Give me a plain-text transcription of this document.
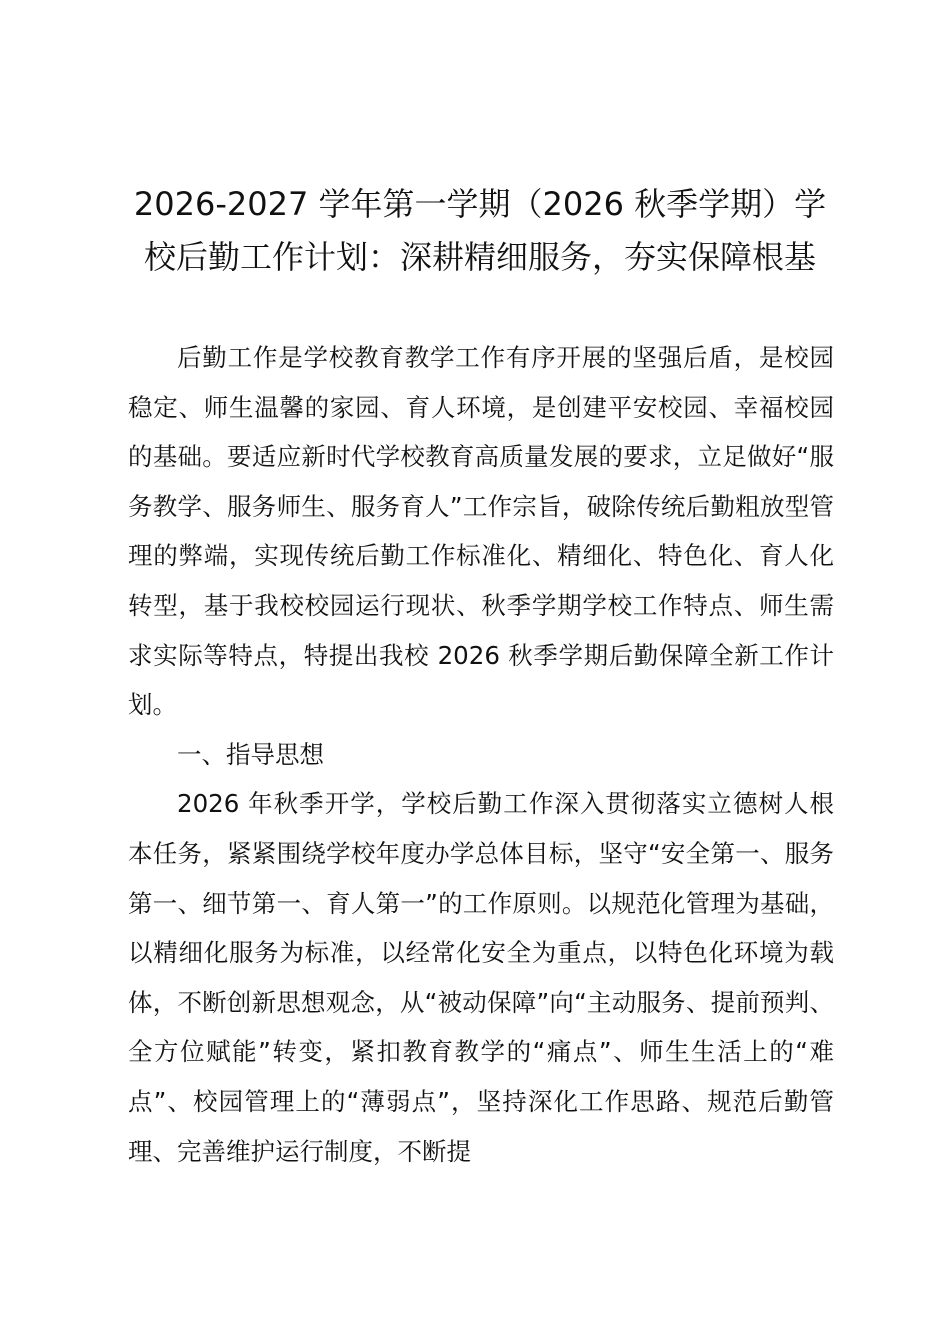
2026-2027 学年第一学期（2026 秋季学期）学校后勤工作计划：深耕精细服务，夯实保障根基

后勤工作是学校教育教学工作有序开展的坚强后盾，是校园稳定、师生温馨的家园、育人环境，是创建平安校园、幸福校园的基础。要适应新时代学校教育高质量发展的要求，立足做好“服务教学、服务师生、服务育人”工作宗旨，破除传统后勤粗放型管理的弊端，实现传统后勤工作标准化、精细化、特色化、育人化转型，基于我校校园运行现状、秋季学期学校工作特点、师生需求实际等特点，特提出我校 2026 秋季学期后勤保障全新工作计划。

一、指导思想

2026 年秋季开学，学校后勤工作深入贯彻落实立德树人根本任务，紧紧围绕学校年度办学总体目标，坚守“安全第一、服务第一、细节第一、育人第一”的工作原则。以规范化管理为基础，以精细化服务为标准，以经常化安全为重点，以特色化环境为载体，不断创新思想观念，从“被动保障”向“主动服务、提前预判、全方位赋能”转变，紧扣教育教学的“痛点”、师生生活上的“难点”、校园管理上的“薄弱点”，坚持深化工作思路、规范后勤管理、完善维护运行制度，不断提
